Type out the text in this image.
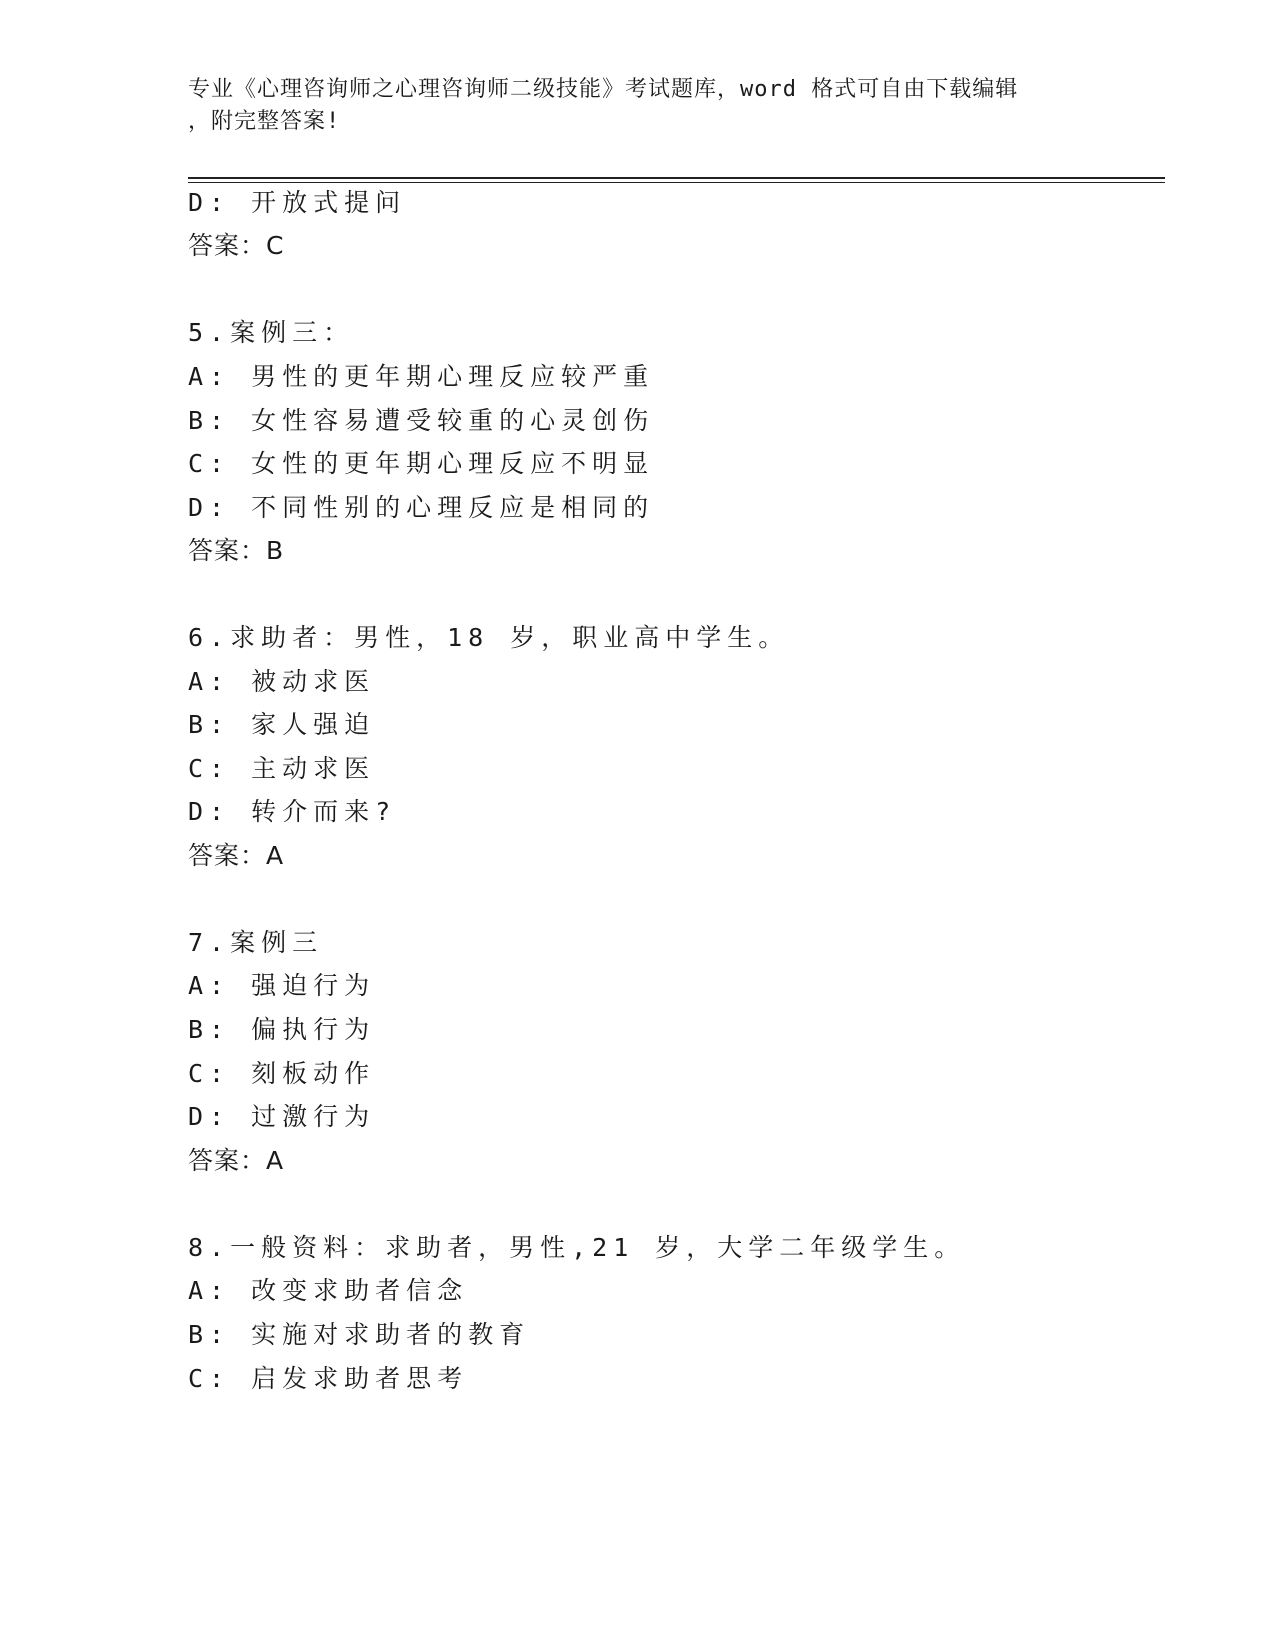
专业《心理咨询师之心理咨询师二级技能》考试题库，word 格式可自由下载编辑
，附完整答案!
D: 开放式提问
答案：C
5.案例三：
A: 男性的更年期心理反应较严重
B: 女性容易遭受较重的心灵创伤
C: 女性的更年期心理反应不明显
D: 不同性别的心理反应是相同的
答案：B
6.求助者：男性，18 岁，职业高中学生。
A: 被动求医
B: 家人强迫
C: 主动求医
D: 转介而来?
答案：A
7.案例三
A: 强迫行为
B: 偏执行为
C: 刻板动作
D: 过激行为
答案：A
8.一般资料：求助者，男性,21 岁，大学二年级学生。
A: 改变求助者信念
B: 实施对求助者的教育
C: 启发求助者思考
